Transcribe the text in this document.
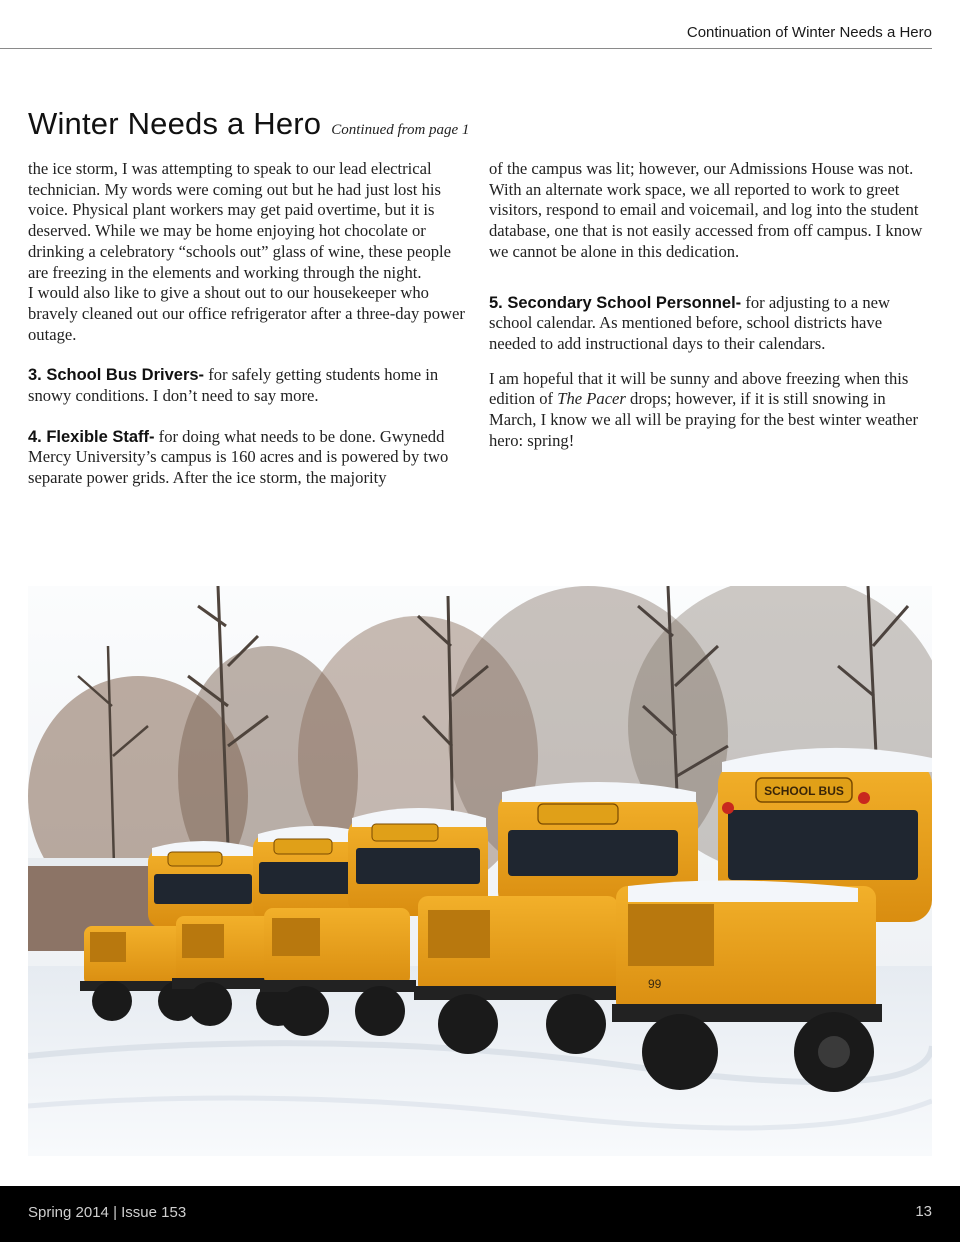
Continuation of Winter Needs a Hero
Winter Needs a Hero Continued from page 1

the ice storm, I was attempting to speak to our lead electrical technician. My words were coming out but he had just lost his voice. Physical plant workers may get paid overtime, but it is deserved. While we may be home enjoying hot chocolate or drinking a celebratory “schools out” glass of wine, these people are freezing in the elements and working through the night.

I would also like to give a shout out to our housekeeper who bravely cleaned out our office refrigerator after a three-day power outage.

3. School Bus Drivers- for safely getting students home in snowy conditions. I don’t need to say more.

4. Flexible Staff- for doing what needs to be done. Gwynedd Mercy University’s campus is 160 acres and is powered by two separate power grids. After the ice storm, the majority

of the campus was lit; however, our Admissions House was not. With an alternate work space, we all reported to work to greet visitors, respond to email and voicemail, and log into the student database, one that is not easily accessed from off campus. I know we cannot be alone in this dedication.

5. Secondary School Personnel- for adjusting to a new school calendar. As mentioned before, school districts have needed to add instructional days to their calendars.

I am hopeful that it will be sunny and above freezing when this edition of The Pacer drops; however, if it is still snowing in March, I know we all will be praying for the best winter weather hero: spring!

SCHOOL BUS
99
Spring 2014 | Issue 153	13
